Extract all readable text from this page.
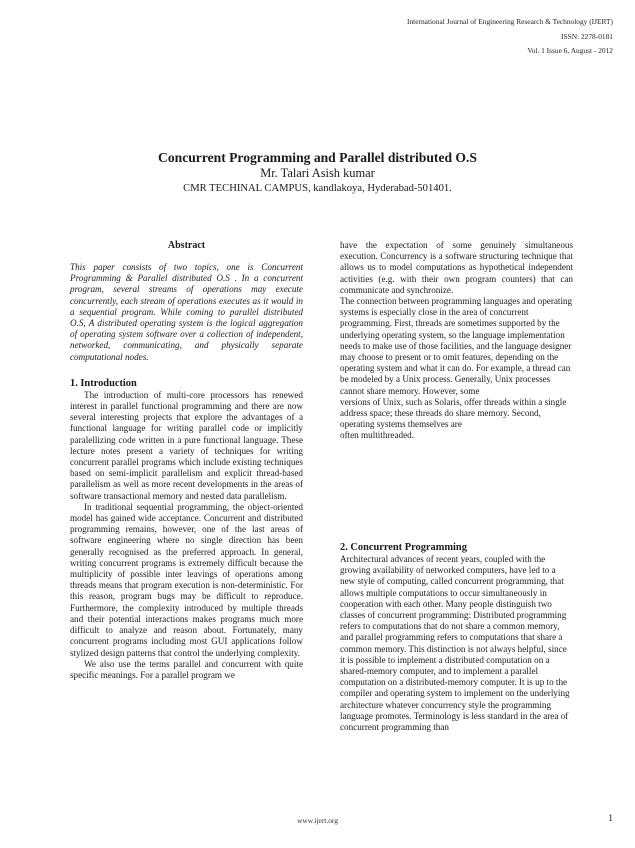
International Journal of Engineering Research & Technology (IJERT)
ISSN: 2278-0181
Vol. 1 Issue 6, August - 2012
Concurrent Programming and Parallel distributed O.S
Mr. Talari Asish kumar
CMR TECHINAL CAMPUS, kandlakoya, Hyderabad-501401.
Abstract

This paper consists of two topics, one is Concurrent Programming & Parallel distributed O.S . In a concurrent program, several streams of operations may execute concurrently, each stream of operations executes as it would in a sequential program. While coming to parallel distributed O.S, A distributed operating system is the logical aggregation of operating system software over a collection of independent, networked, communicating, and physically separate computational nodes.

1. Introduction

The introduction of multi-core processors has renewed interest in parallel functional programming and there are now several interesting projects that explore the advantages of a functional language for writing parallel code or implicitly paralellizing code written in a pure functional language. These lecture notes present a variety of techniques for writing concurrent parallel programs which include existing techniques based on semi-implicit parallelism and explicit thread-based parallelism as well as more recent developments in the areas of software transactional memory and nested data parallelism.

In traditional sequential programming, the object-oriented model has gained wide acceptance. Concurrent and distributed programming remains, however, one of the last areas of software engineering where no single direction has been generally recognised as the preferred approach. In general, writing concurrent programs is extremely difficult because the multiplicity of possible inter leavings of operations among threads means that program execution is non-deterministic. For this reason, program bugs may be difficult to reproduce. Furthermore, the complexity introduced by multiple threads and their potential interactions makes programs much more difficult to analyze and reason about. Fortunately, many concurrent programs including most GUI applications follow stylized design patterns that control the underlying complexity.

We also use the terms parallel and concurrent with quite specific meanings. For a parallel program we

have the expectation of some genuinely simultaneous execution. Concurrency is a software structuring technique that allows us to model computations as hypothetical independent activities (e.g. with their own program counters) that can communicate and synchronize.

The connection between programming languages and operating systems is especially close in the area of concurrent programming. First, threads are sometimes supported by the underlying operating system, so the language implementation needs to make use of those facilities, and the language designer may choose to present or to omit features, depending on the operating system and what it can do. For example, a thread can be modeled by a Unix process. Generally, Unix processes cannot share memory. However, some

versions of Unix, such as Solaris, offer threads within a single address space; these threads do share memory. Second, operating systems themselves are

often multithreaded.

2. Concurrent Programming

Architectural advances of recent years, coupled with the growing availability of networked computers, have led to a new style of computing, called concurrent programming, that allows multiple computations to occur simultaneously in cooperation with each other. Many people distinguish two classes of concurrent programming: Distributed programming refers to computations that do not share a common memory, and parallel programming refers to computations that share a common memory. This distinction is not always helpful, since it is possible to implement a distributed computation on a shared-memory computer, and to implement a parallel computation on a distributed-memory computer. It is up to the compiler and operating system to implement on the underlying architecture whatever concurrency style the programming language promotes. Terminology is less standard in the area of concurrent programming than

www.ijert.org	1
